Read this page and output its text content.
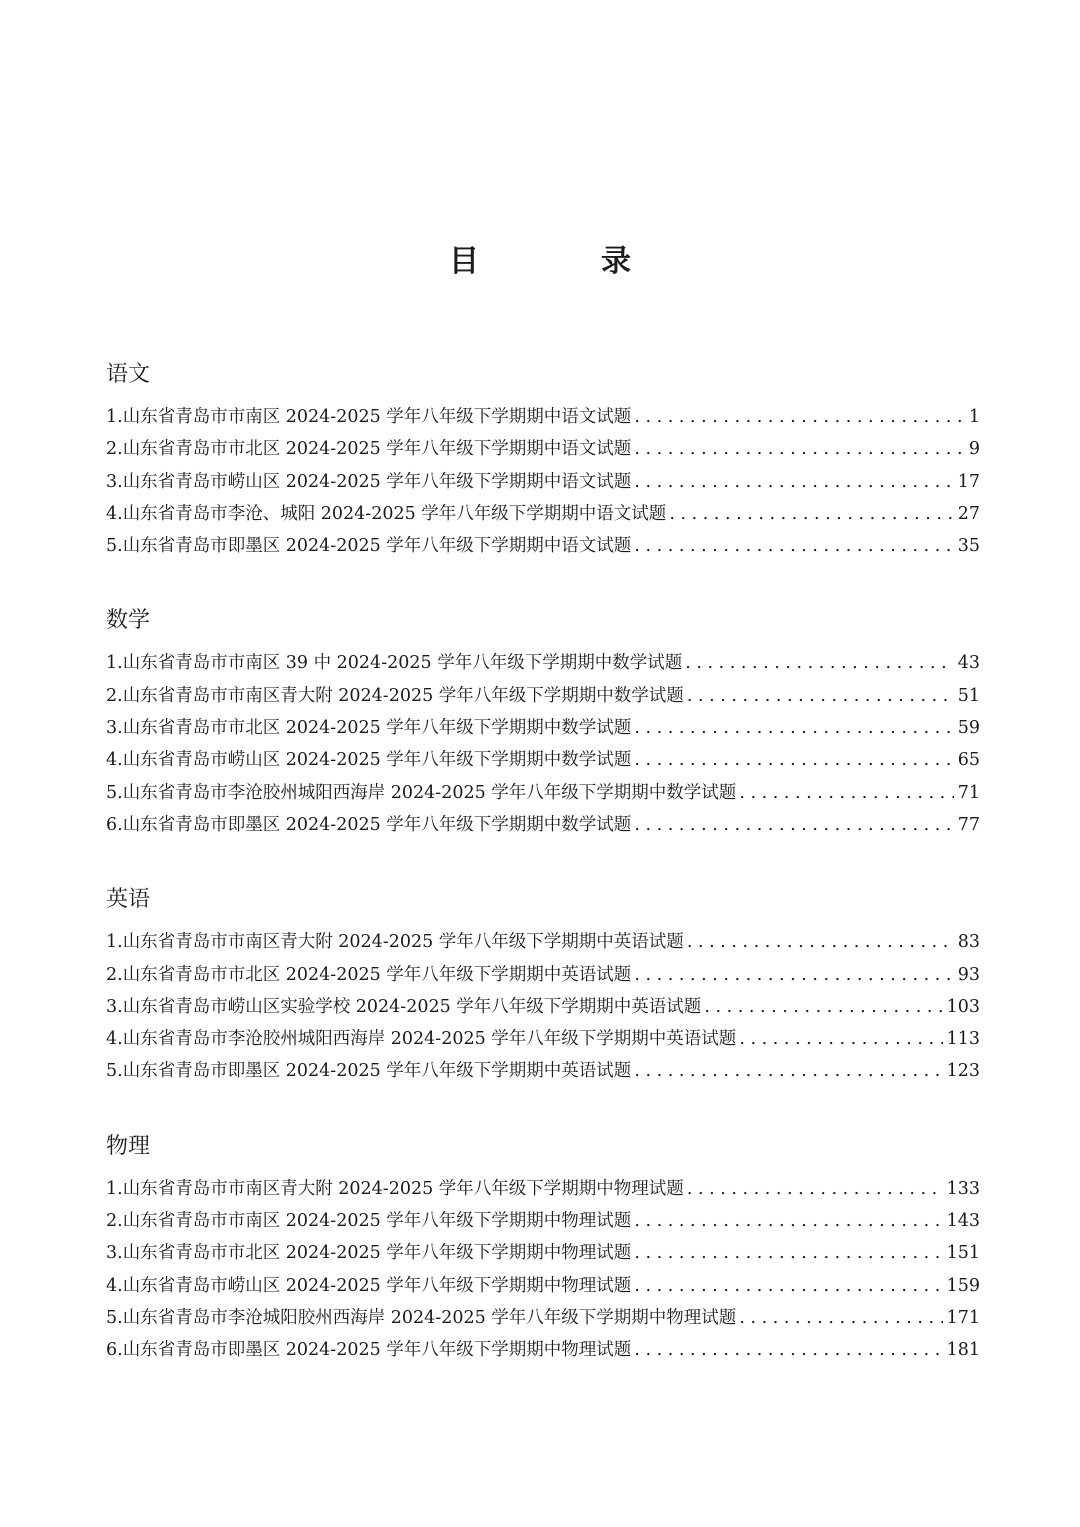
目　录
语文
1.山东省青岛市市南区 2024-2025 学年八年级下学期期中语文试题 . . .	1
2.山东省青岛市市北区 2024-2025 学年八年级下学期期中语文试题 . . .	9
3.山东省青岛市崂山区 2024-2025 学年八年级下学期期中语文试题 . . .	17
4.山东省青岛市李沧、城阳 2024-2025 学年八年级下学期期中语文试题 . . .	27
5.山东省青岛市即墨区 2024-2025 学年八年级下学期期中语文试题 . . .	35
数学
1.山东省青岛市市南区 39 中 2024-2025 学年八年级下学期期中数学试题 . . .	43
2.山东省青岛市市南区青大附 2024-2025 学年八年级下学期期中数学试题 . . .	51
3.山东省青岛市市北区 2024-2025 学年八年级下学期期中数学试题 . . .	59
4.山东省青岛市崂山区 2024-2025 学年八年级下学期期中数学试题 . . .	65
5.山东省青岛市李沧胶州城阳西海岸 2024-2025 学年八年级下学期期中数学试题 . . .	71
6.山东省青岛市即墨区 2024-2025 学年八年级下学期期中数学试题 . . .	77
英语
1.山东省青岛市市南区青大附 2024-2025 学年八年级下学期期中英语试题 . . .	83
2.山东省青岛市市北区 2024-2025 学年八年级下学期期中英语试题 . . .	93
3.山东省青岛市崂山区实验学校 2024-2025 学年八年级下学期期中英语试题 . . .	103
4.山东省青岛市李沧胶州城阳西海岸 2024-2025 学年八年级下学期期中英语试题 . . .	113
5.山东省青岛市即墨区 2024-2025 学年八年级下学期期中英语试题 . . .	123
物理
1.山东省青岛市市南区青大附 2024-2025 学年八年级下学期期中物理试题 . . .	133
2.山东省青岛市市南区 2024-2025 学年八年级下学期期中物理试题 . . .	143
3.山东省青岛市市北区 2024-2025 学年八年级下学期期中物理试题 . . .	151
4.山东省青岛市崂山区 2024-2025 学年八年级下学期期中物理试题 . . .	159
5.山东省青岛市李沧城阳胶州西海岸 2024-2025 学年八年级下学期期中物理试题 . . .	171
6.山东省青岛市即墨区 2024-2025 学年八年级下学期期中物理试题 . . .	181
